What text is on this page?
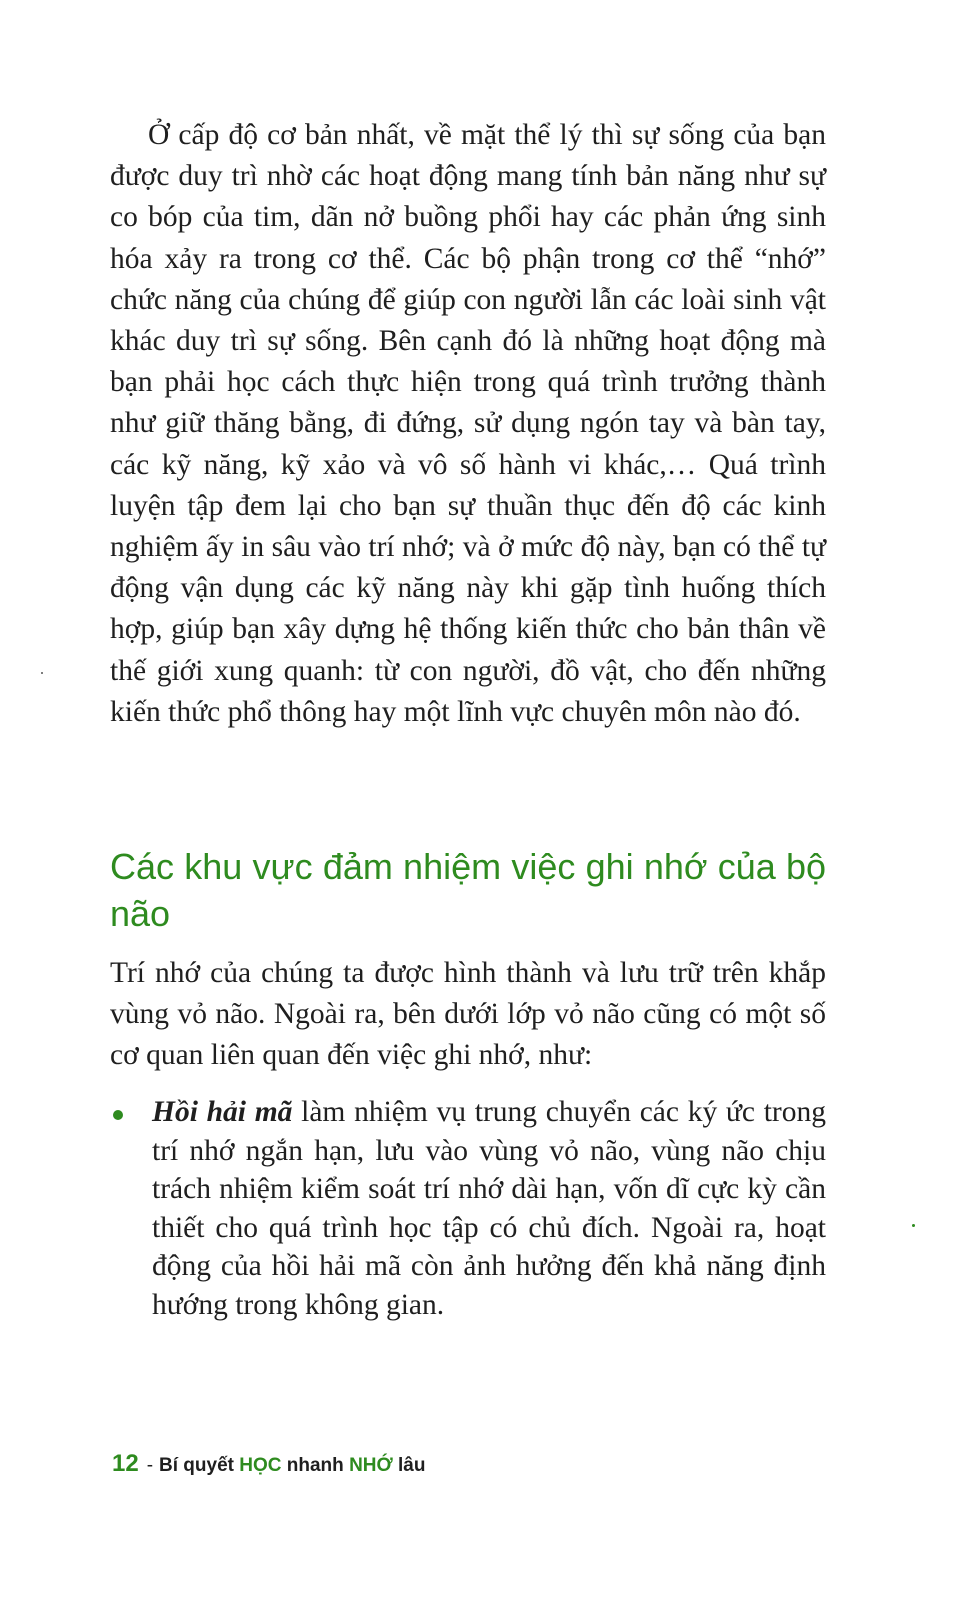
Ở cấp độ cơ bản nhất, về mặt thể lý thì sự sống của bạn được duy trì nhờ các hoạt động mang tính bản năng như sự co bóp của tim, dãn nở buồng phổi hay các phản ứng sinh hóa xảy ra trong cơ thể. Các bộ phận trong cơ thể “nhớ” chức năng của chúng để giúp con người lẫn các loài sinh vật khác duy trì sự sống. Bên cạnh đó là những hoạt động mà bạn phải học cách thực hiện trong quá trình trưởng thành như giữ thăng bằng, đi đứng, sử dụng ngón tay và bàn tay, các kỹ năng, kỹ xảo và vô số hành vi khác,… Quá trình luyện tập đem lại cho bạn sự thuần thục đến độ các kinh nghiệm ấy in sâu vào trí nhớ; và ở mức độ này, bạn có thể tự động vận dụng các kỹ năng này khi gặp tình huống thích hợp, giúp bạn xây dựng hệ thống kiến thức cho bản thân về thế giới xung quanh: từ con người, đồ vật, cho đến những kiến thức phổ thông hay một lĩnh vực chuyên môn nào đó.

Các khu vực đảm nhiệm việc ghi nhớ của bộ não

Trí nhớ của chúng ta được hình thành và lưu trữ trên khắp vùng vỏ não. Ngoài ra, bên dưới lớp vỏ não cũng có một số cơ quan liên quan đến việc ghi nhớ, như:

Hồi hải mã làm nhiệm vụ trung chuyển các ký ức trong trí nhớ ngắn hạn, lưu vào vùng vỏ não, vùng não chịu trách nhiệm kiểm soát trí nhớ dài hạn, vốn dĩ cực kỳ cần thiết cho quá trình học tập có chủ đích. Ngoài ra, hoạt động của hồi hải mã còn ảnh hưởng đến khả năng định hướng trong không gian.

12 - Bí quyết HỌC nhanh NHỚ lâu
